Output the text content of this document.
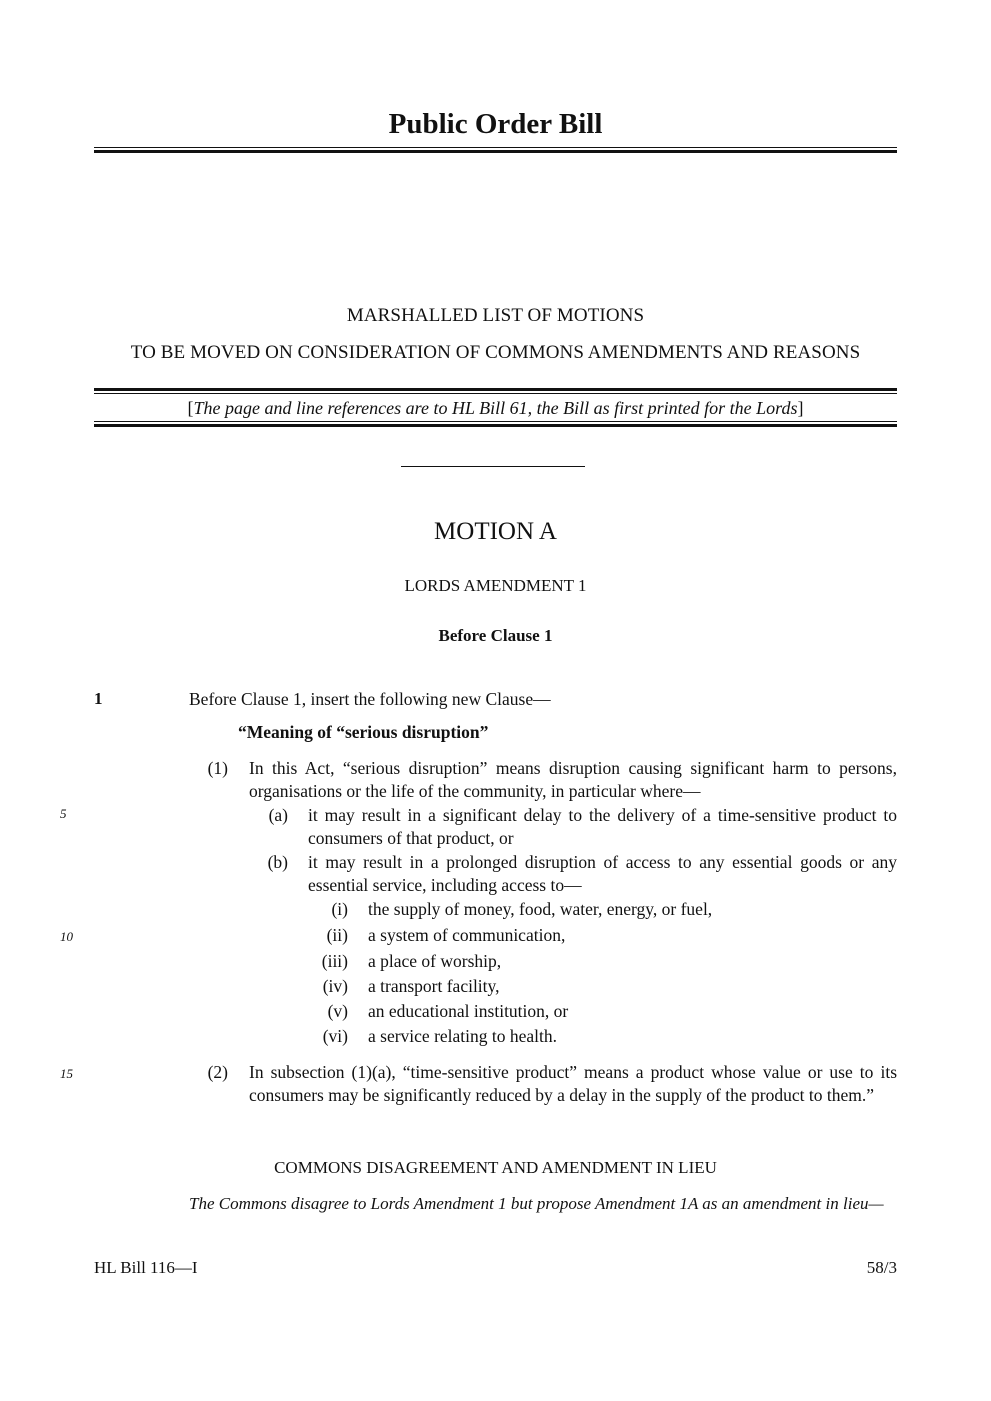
Public Order Bill
MARSHALLED LIST OF MOTIONS
TO BE MOVED ON CONSIDERATION OF COMMONS AMENDMENTS AND REASONS
[The page and line references are to HL Bill 61, the Bill as first printed for the Lords]
MOTION A
LORDS AMENDMENT 1
Before Clause 1
1	Before Clause 1, insert the following new Clause—
“Meaning of “serious disruption”
(1) In this Act, “serious disruption” means disruption causing significant harm to persons, organisations or the life of the community, in particular where—
5	(a) it may result in a significant delay to the delivery of a time-sensitive product to consumers of that product, or
(b) it may result in a prolonged disruption of access to any essential goods or any essential service, including access to—
(i) the supply of money, food, water, energy, or fuel,
10	(ii) a system of communication,
(iii) a place of worship,
(iv) a transport facility,
(v) an educational institution, or
(vi) a service relating to health.
15	(2) In subsection (1)(a), “time-sensitive product” means a product whose value or use to its consumers may be significantly reduced by a delay in the supply of the product to them.”
COMMONS DISAGREEMENT AND AMENDMENT IN LIEU
The Commons disagree to Lords Amendment 1 but propose Amendment 1A as an amendment in lieu—
HL Bill 116—I	58/3
